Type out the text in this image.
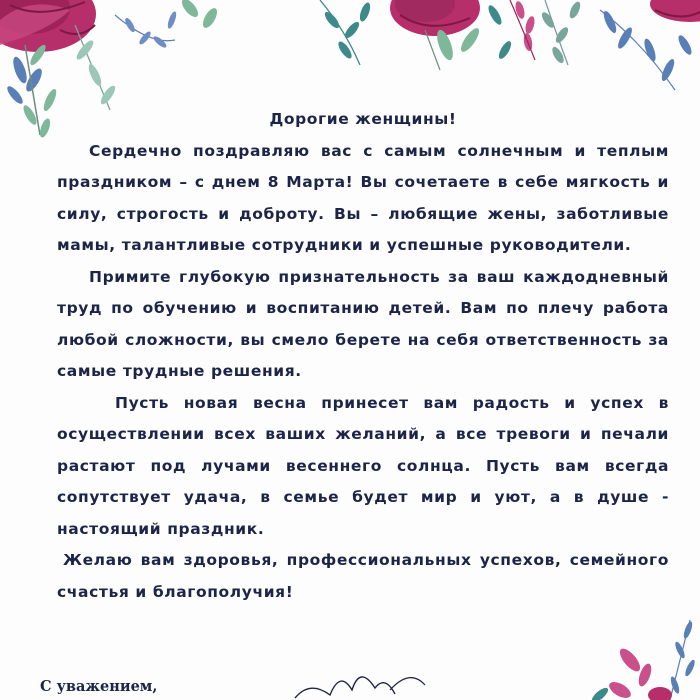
Дорогие женщины!

Сердечно поздравляю вас с самым солнечным и теплым праздником – с днем 8 Марта! Вы сочетаете в себе мягкость и силу, строгость и доброту. Вы – любящие жены, заботливые мамы, талантливые сотрудники и успешные руководители.

Примите глубокую признательность за ваш каждодневный труд по обучению и воспитанию детей. Вам по плечу работа любой сложности, вы смело берете на себя ответственность за самые трудные решения.

Пусть новая весна принесет вам радость и успех в осуществлении всех ваших желаний, а все тревоги и печали растают под лучами весеннего солнца. Пусть вам всегда сопутствует удача, в семье будет мир и уют, а в душе - настоящий праздник.

Желаю вам здоровья, профессиональных успехов, семейного счастья и благополучия!

С уважением,
